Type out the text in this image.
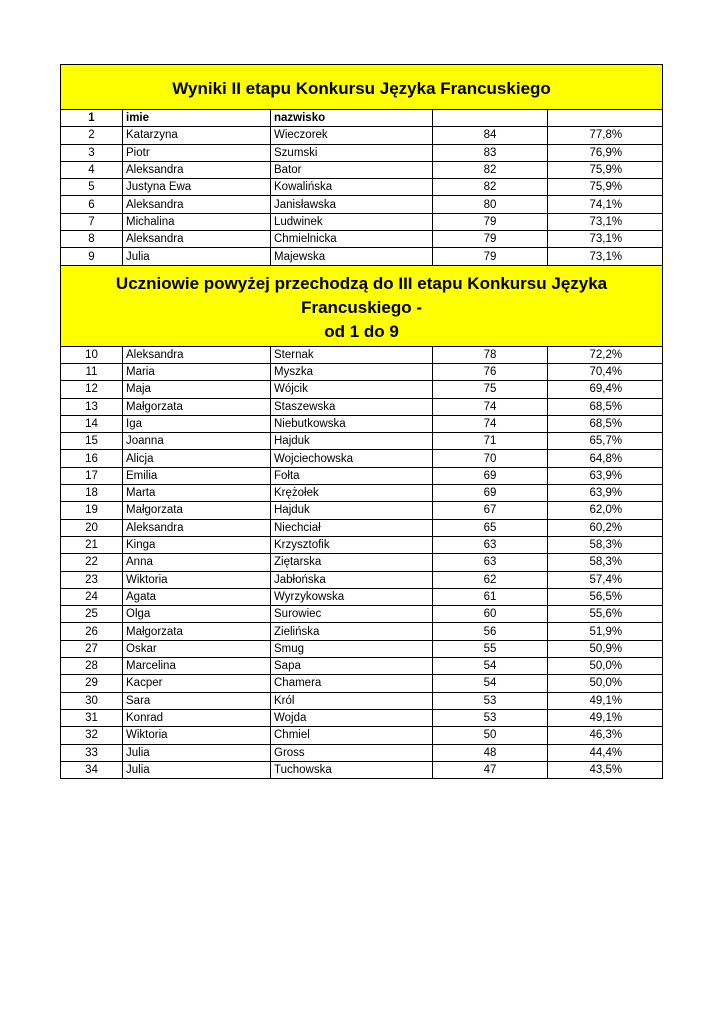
Wyniki II etapu Konkursu Języka Francuskiego				
1	imie	nazwisko		
2	Katarzyna	Wieczorek	84	77,8%
3	Piotr	Szumski	83	76,9%
4	Aleksandra	Bator	82	75,9%
5	Justyna Ewa	Kowalińska	82	75,9%
6	Aleksandra	Janisławska	80	74,1%
7	Michalina	Ludwinek	79	73,1%
8	Aleksandra	Chmielnicka	79	73,1%
9	Julia	Majewska	79	73,1%

Uczniowie powyżej przechodzą do III etapu Konkursu Języka Francuskiego -
od 1 do 9				

10	Aleksandra	Sternak	78	72,2%
11	Maria	Myszka	76	70,4%
12	Maja	Wójcik	75	69,4%
13	Małgorzata	Staszewska	74	68,5%
14	Iga	Niebutkowska	74	68,5%
15	Joanna	Hajduk	71	65,7%
16	Alicja	Wojciechowska	70	64,8%
17	Emilia	Fołta	69	63,9%
18	Marta	Krężołek	69	63,9%
19	Małgorzata	Hajduk	67	62,0%
20	Aleksandra	Niechciał	65	60,2%
21	Kinga	Krzysztofik	63	58,3%
22	Anna	Ziętarska	63	58,3%
23	Wiktoria	Jabłońska	62	57,4%
24	Agata	Wyrzykowska	61	56,5%
25	Olga	Surowiec	60	55,6%
26	Małgorzata	Zielińska	56	51,9%
27	Oskar	Smug	55	50,9%
28	Marcelina	Sapa	54	50,0%
29	Kacper	Chamera	54	50,0%
30	Sara	Król	53	49,1%
31	Konrad	Wojda	53	49,1%
32	Wiktoria	Chmiel	50	46,3%
33	Julia	Gross	48	44,4%
34	Julia	Tuchowska	47	43,5%
